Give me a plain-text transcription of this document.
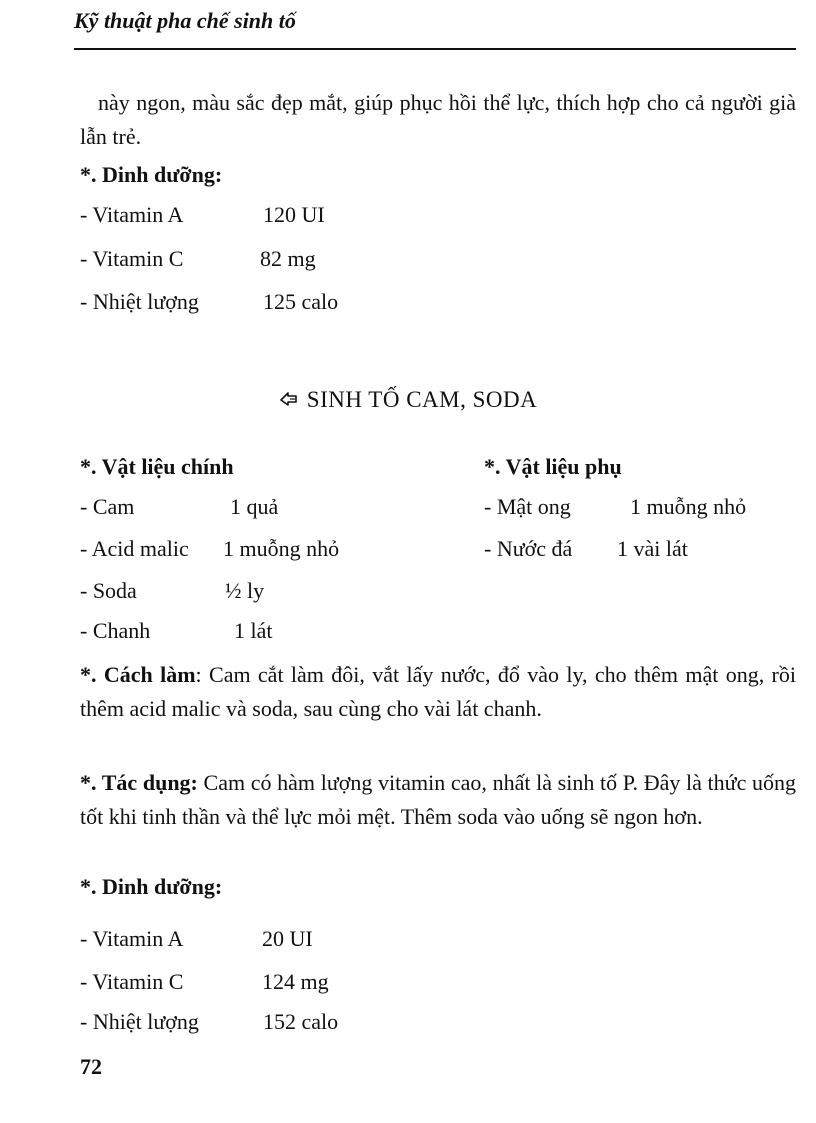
Kỹ thuật pha chế sinh tố
này ngon, màu sắc đẹp mắt, giúp phục hồi thể lực, thích hợp cho cả người già lẫn trẻ.
*. Dinh dưỡng:
- Vitamin A	120 UI
- Vitamin C	82 mg
- Nhiệt lượng	125 calo
SINH TỐ CAM, SODA
*. Vật liệu chính	*. Vật liệu phụ
- Cam	1 quả
- Acid malic 1 muỗng nhỏ
- Soda	½ ly
- Chanh	1 lát
- Mật ong	1 muỗng nhỏ
- Nước đá 1 vài lát
*. Cách làm: Cam cắt làm đôi, vắt lấy nước, đổ vào ly, cho thêm mật ong, rồi thêm acid malic và soda, sau cùng cho vài lát chanh.
*. Tác dụng: Cam có hàm lượng vitamin cao, nhất là sinh tố P. Đây là thức uống tốt khi tinh thần và thể lực mỏi mệt. Thêm soda vào uống sẽ ngon hơn.
*. Dinh dưỡng:
- Vitamin A	20 UI
- Vitamin C	124 mg
- Nhiệt lượng	152 calo
72
